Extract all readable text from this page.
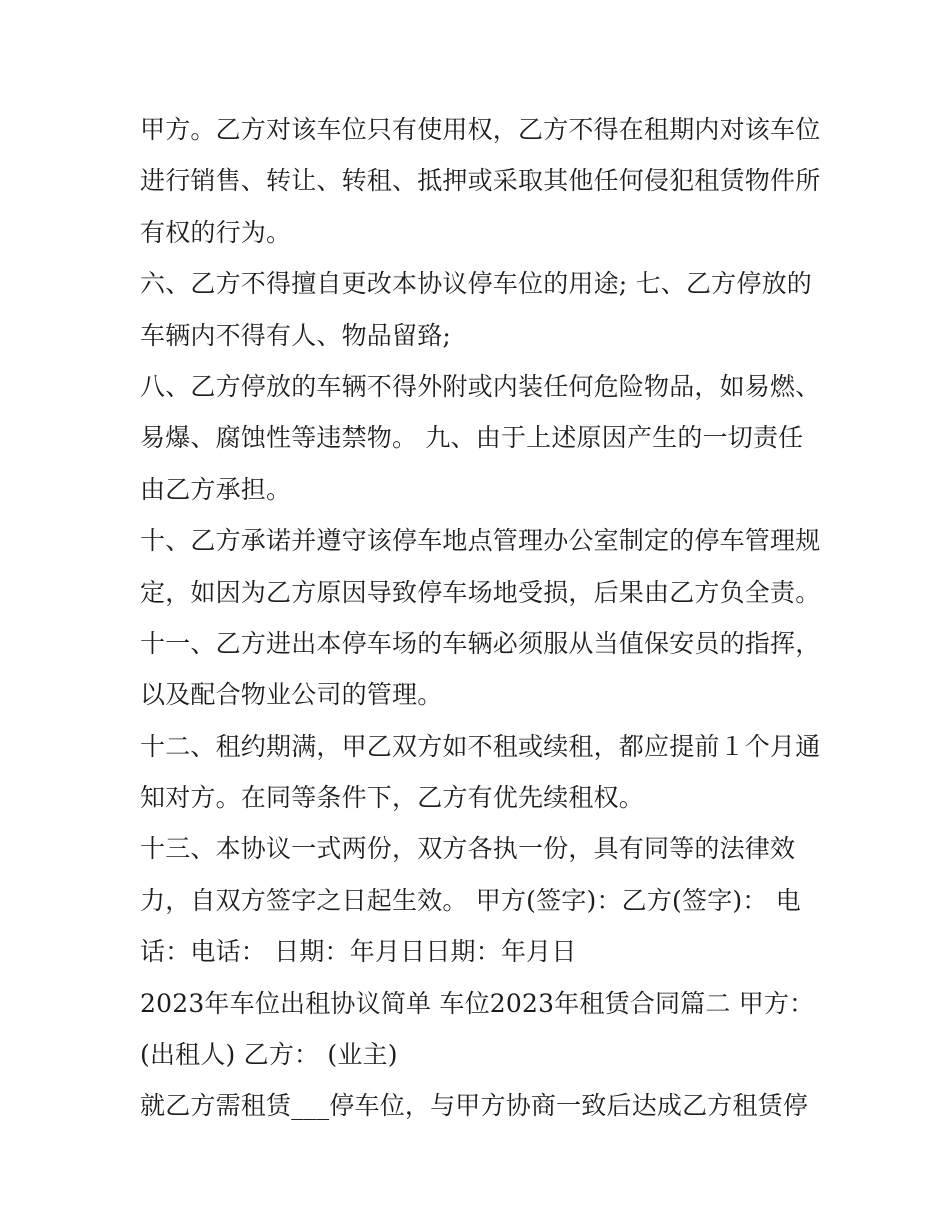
甲方。乙方对该车位只有使用权，乙方不得在租期内对该车位
进行销售、转让、转租、抵押或采取其他任何侵犯租赁物件所
有权的行为。
六、乙方不得擅自更改本协议停车位的用途; 七、乙方停放的
车辆内不得有人、物品留臵;
八、乙方停放的车辆不得外附或内装任何危险物品，如易燃、
易爆、腐蚀性等违禁物。 九、由于上述原因产生的一切责任
由乙方承担。
十、乙方承诺并遵守该停车地点管理办公室制定的停车管理规
定，如因为乙方原因导致停车场地受损，后果由乙方负全责。
十一、乙方进出本停车场的车辆必须服从当值保安员的指挥，
以及配合物业公司的管理。
十二、租约期满，甲乙双方如不租或续租，都应提前１个月通
知对方。在同等条件下，乙方有优先续租权。
十三、本协议一式两份，双方各执一份，具有同等的法律效
力，自双方签字之日起生效。 甲方(签字)：乙方(签字)： 电
话：电话： 日期：年月日日期：年月日
2023年车位出租协议简单 车位2023年租赁合同篇二 甲方：
(出租人) 乙方： (业主)
就乙方需租赁___停车位，与甲方协商一致后达成乙方租赁停
